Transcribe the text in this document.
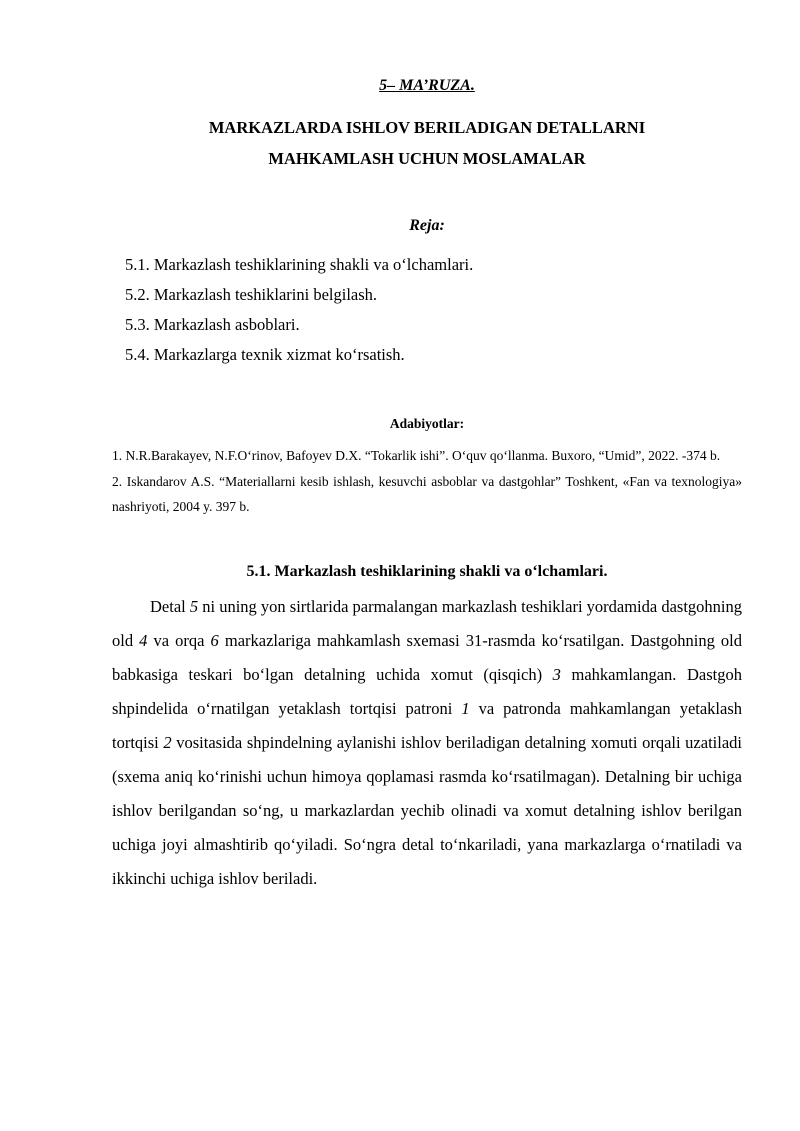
5– MA’RUZA.
MARKAZLARDA ISHLOV BERILADIGAN DETALLARNI
MAHKAMLASH UCHUN MOSLAMALAR
Reja:
5.1. Markazlash teshiklarining shakli va o‘lchamlari.
5.2. Markazlash teshiklarini belgilash.
5.3. Markazlash asboblari.
5.4. Markazlarga texnik xizmat ko‘rsatish.
Adabiyotlar:
1. N.R.Barakayev, N.F.O‘rinov, Bafoyev D.X. “Tokarlik ishi”. O‘quv qo‘llanma. Buxoro, “Umid”, 2022. -374 b.
2. Iskandarov A.S. “Materiallarni kesib ishlash, kesuvchi asboblar va dastgohlar” Toshkent, «Fan va texnologiya» nashriyoti, 2004 y. 397 b.
5.1. Markazlash teshiklarining shakli va o‘lchamlari.
Detal 5 ni uning yon sirtlarida parmalangan markazlash teshiklari yordamida dastgohning old 4 va orqa 6 markazlariga mahkamlash sxemasi 31-rasmda ko‘rsatilgan. Dastgohning old babkasiga teskari bo‘lgan detalning uchida xomut (qisqich) 3 mahkamlangan. Dastgoh shpindelida o‘rnatilgan yetaklash tortqisi patroni 1 va patronda mahkamlangan yetaklash tortqisi 2 vositasida shpindelning aylanishi ishlov beriladigan detalning xomuti orqali uzatiladi (sxema aniq ko‘rinishi uchun himoya qoplamasi rasmda ko‘rsatilmagan). Detalning bir uchiga ishlov berilgandan so‘ng, u markazlardan yechib olinadi va xomut detalning ishlov berilgan uchiga joyi almashtirib qo‘yiladi. So‘ngra detal to‘nkariladi, yana markazlarga o‘rnatiladi va ikkinchi uchiga ishlov beriladi.
